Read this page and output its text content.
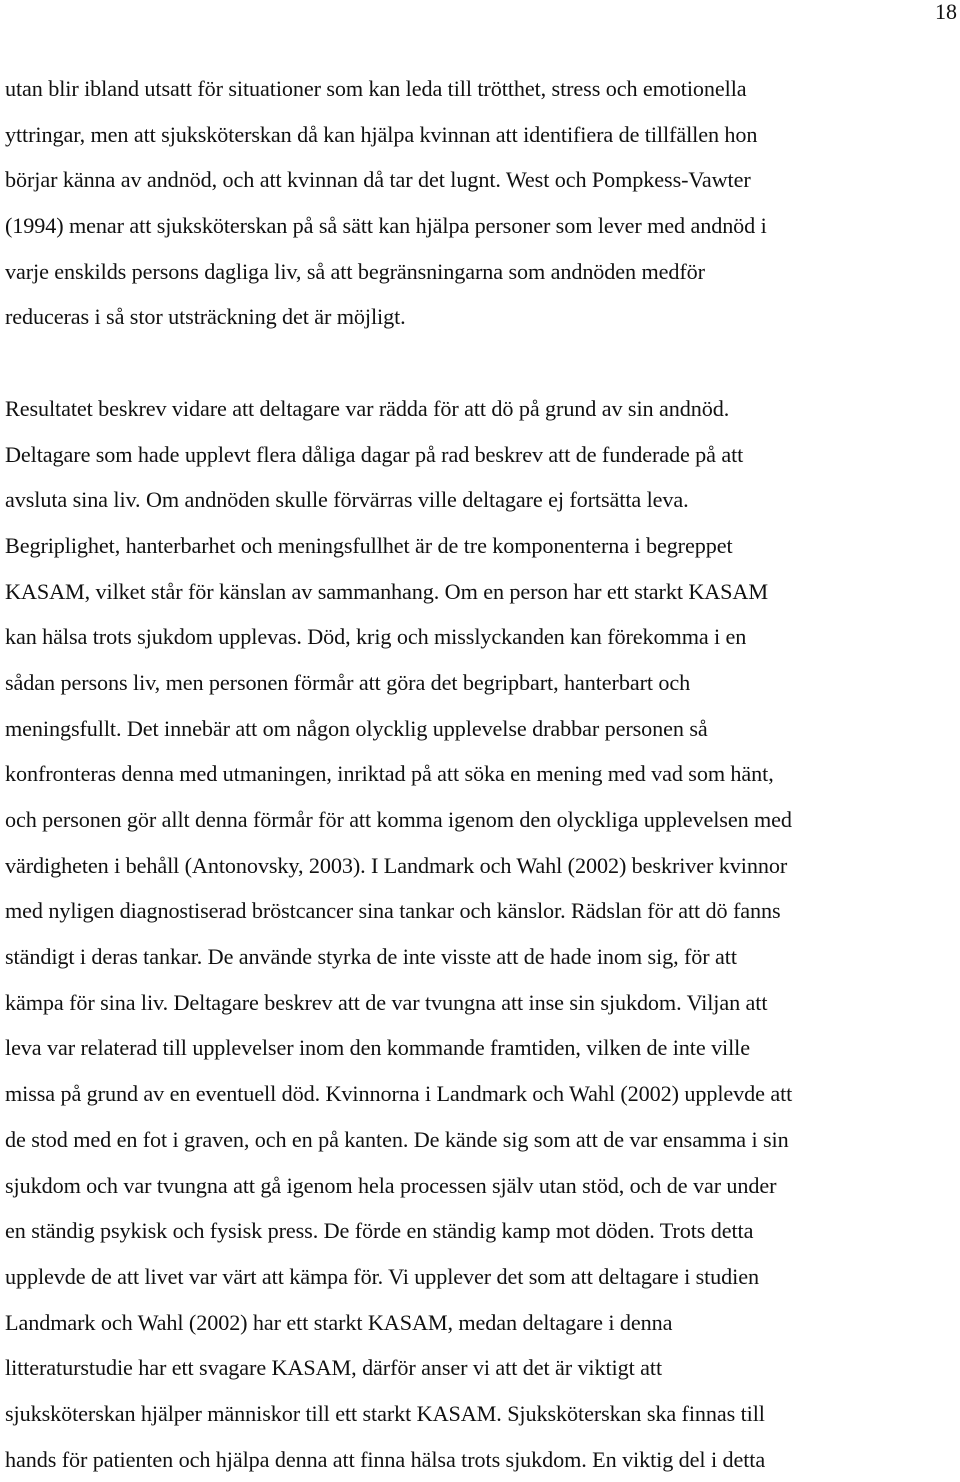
18
utan blir ibland utsatt för situationer som kan leda till trötthet, stress och emotionella
yttringar, men att sjuksköterskan då kan hjälpa kvinnan att identifiera de tillfällen hon
börjar känna av andnöd, och att kvinnan då tar det lugnt. West och Pompkess-Vawter
(1994) menar att sjuksköterskan på så sätt kan hjälpa personer som lever med andnöd i
varje enskilds persons dagliga liv, så att begränsningarna som andnöden medför
reduceras i så stor utsträckning det är möjligt.
Resultatet beskrev vidare att deltagare var rädda för att dö på grund av sin andnöd.
Deltagare som hade upplevt flera dåliga dagar på rad beskrev att de funderade på att
avsluta sina liv. Om andnöden skulle förvärras ville deltagare ej fortsätta leva.
Begriplighet, hanterbarhet och meningsfullhet är de tre komponenterna i begreppet
KASAM, vilket står för känslan av sammanhang. Om en person har ett starkt KASAM
kan hälsa trots sjukdom upplevas. Död, krig och misslyckanden kan förekomma i en
sådan persons liv, men personen förmår att göra det begripbart, hanterbart och
meningsfullt. Det innebär att om någon olycklig upplevelse drabbar personen så
konfronteras denna med utmaningen, inriktad på att söka en mening med vad som hänt,
och personen gör allt denna förmår för att komma igenom den olyckliga upplevelsen med
värdigheten i behåll (Antonovsky, 2003). I Landmark och Wahl (2002) beskriver kvinnor
med nyligen diagnostiserad bröstcancer sina tankar och känslor. Rädslan för att dö fanns
ständigt i deras tankar. De använde styrka de inte visste att de hade inom sig, för att
kämpa för sina liv. Deltagare beskrev att de var tvungna att inse sin sjukdom. Viljan att
leva var relaterad till upplevelser inom den kommande framtiden, vilken de inte ville
missa på grund av en eventuell död. Kvinnorna i Landmark och Wahl (2002) upplevde att
de stod med en fot i graven, och en på kanten. De kände sig som att de var ensamma i sin
sjukdom och var tvungna att gå igenom hela processen själv utan stöd, och de var under
en ständig psykisk och fysisk press. De förde en ständig kamp mot döden. Trots detta
upplevde de att livet var värt att kämpa för. Vi upplever det som att deltagare i studien
Landmark och Wahl (2002) har ett starkt KASAM, medan deltagare i denna
litteraturstudie har ett svagare KASAM, därför anser vi att det är viktigt att
sjuksköterskan hjälper människor till ett starkt KASAM. Sjuksköterskan ska finnas till
hands för patienten och hjälpa denna att finna hälsa trots sjukdom. En viktig del i detta
